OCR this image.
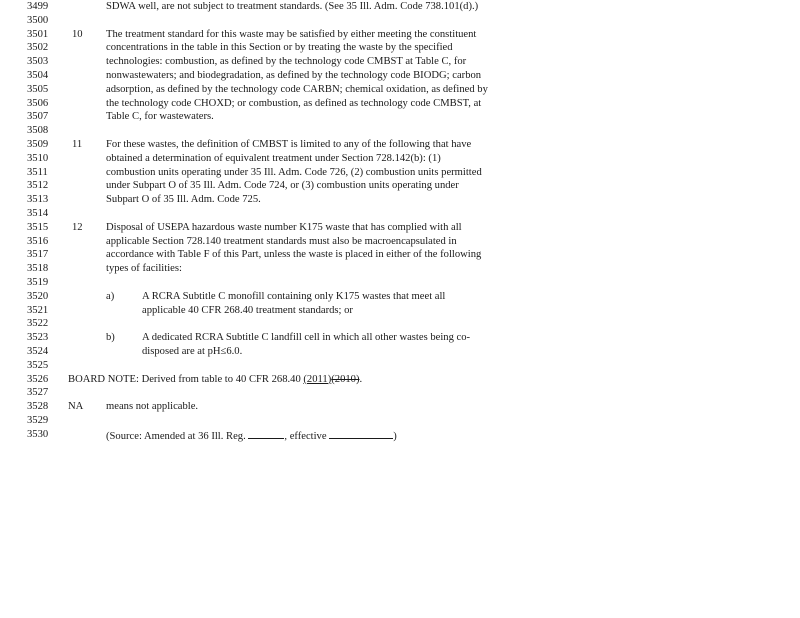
3499	SDWA well, are not subject to treatment standards. (See 35 Ill. Adm. Code 738.101(d).)
3500
3501	10 The treatment standard for this waste may be satisfied by either meeting the constituent
3502	concentrations in the table in this Section or by treating the waste by the specified
3503	technologies: combustion, as defined by the technology code CMBST at Table C, for
3504	nonwastewaters; and biodegradation, as defined by the technology code BIODG; carbon
3505	adsorption, as defined by the technology code CARBN; chemical oxidation, as defined by
3506	the technology code CHOXD; or combustion, as defined as technology code CMBST, at
3507	Table C, for wastewaters.
3508
3509	11 For these wastes, the definition of CMBST is limited to any of the following that have
3510	obtained a determination of equivalent treatment under Section 728.142(b): (1)
3511	combustion units operating under 35 Ill. Adm. Code 726, (2) combustion units permitted
3512	under Subpart O of 35 Ill. Adm. Code 724, or (3) combustion units operating under
3513	Subpart O of 35 Ill. Adm. Code 725.
3514
3515	12 Disposal of USEPA hazardous waste number K175 waste that has complied with all
3516	applicable Section 728.140 treatment standards must also be macroencapsulated in
3517	accordance with Table F of this Part, unless the waste is placed in either of the following
3518	types of facilities:
3519
3520	a)	A RCRA Subtitle C monofill containing only K175 wastes that meet all
3521	applicable 40 CFR 268.40 treatment standards; or
3522
3523	b)	A dedicated RCRA Subtitle C landfill cell in which all other wastes being co-
3524	disposed are at pH≤6.0.
3525
3526	BOARD NOTE: Derived from table to 40 CFR 268.40 (2011)(2010).
3527
3528	NA means not applicable.
3529
3530	(Source: Amended at 36 Ill. Reg.	, effective	)
